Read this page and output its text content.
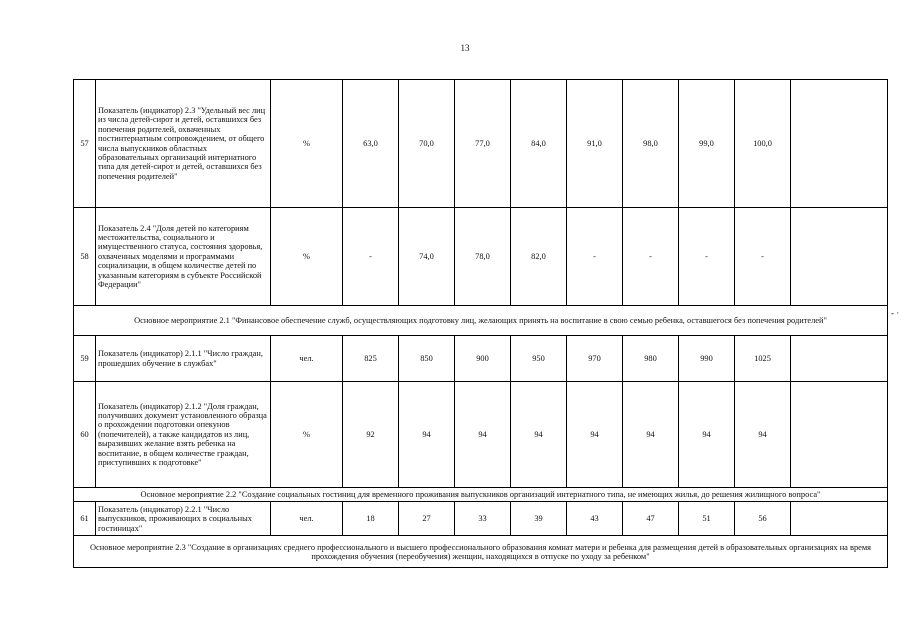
13
57	Показатель (индикатор) 2.3 "Удельный вес лиц из числа детей-сирот и детей, оставшихся без попечения родителей, охваченных постинтернатным сопровождением, от общего числа выпускников областных образовательных организаций интернатного типа для детей-сирот и детей, оставшихся без попечения родителей"	%	63,0	70,0	77,0	84,0	91,0	98,0	99,0	100,0	
58	Показатель 2.4 "Доля детей по категориям местожительства, социального и имущественного статуса, состояния здоровья, охваченных моделями и программами социализации, в общем количестве детей по указанным категориям в субъекте Российской Федерации"	%	-	74,0	78,0	82,0	-	-	-	-	
Основное мероприятие 2.1 "Финансовое обеспечение служб, осуществляющих подготовку лиц, желающих принять на воспитание в свою семью ребенка, оставшегося без попечения родителей"											
59	Показатель (индикатор) 2.1.1 "Число граждан, прошедших обучение в службах"	чел.	825	850	900	950	970	980	990	1025	
60	Показатель (индикатор) 2.1.2 "Доля граждан, получивших документ установленного образца о прохождении подготовки опекунов (попечителей), а также кандидатов из лиц, выразивших желание взять ребенка на воспитание, в общем количестве граждан, приступивших к подготовке"	%	92	94	94	94	94	94	94	94	
Основное мероприятие 2.2 "Создание социальных гостиниц для временного проживания выпускников организаций интернатного типа, не имеющих жилья, до решения жилищного вопроса"											
61	Показатель (индикатор) 2.2.1 "Число выпускников, проживающих в социальных гостиницах"	чел.	18	27	33	39	43	47	51	56	
Основное мероприятие 2.3 "Создание в организациях среднего профессионального и высшего профессионального образования комнат матери и ребенка для размещения детей в образовательных организациях на время прохождения обучения (переобучения) женщин, находящихся в отпуске по уходу за ребенком"											
- ·
